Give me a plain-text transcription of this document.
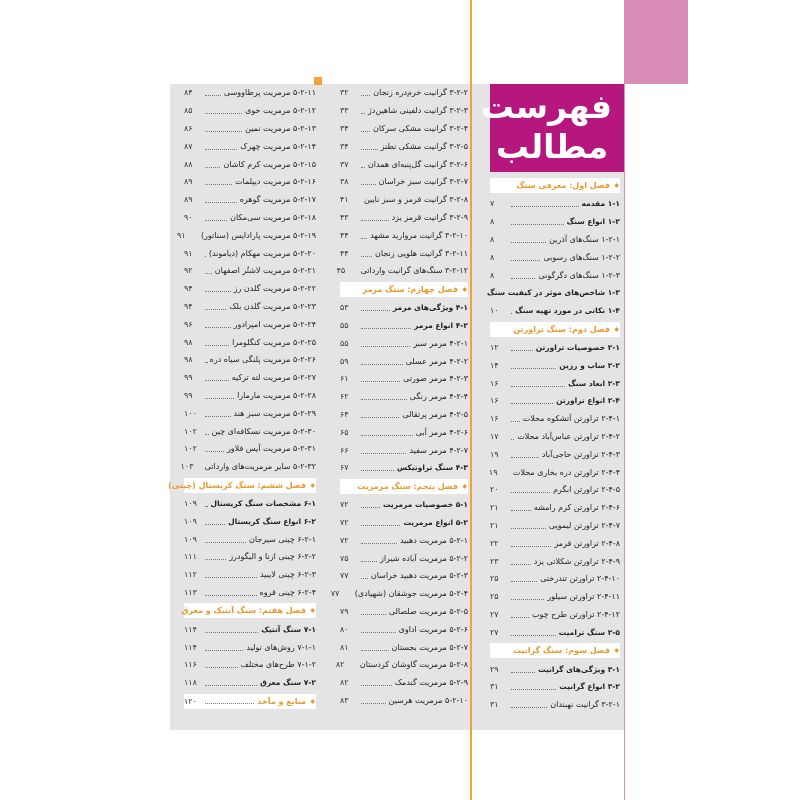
فهرست
مطالب
◆ فصل اول: معرفی سنگ
۱-۱ مقدمه
۷
۱-۲ انواع سنگ
۸
۱-۲-۱ سنگ‌های آذرین
۸
۱-۲-۲ سنگ‌های رسوبی
۸
۱-۲-۳ سنگ‌های دگرگونی
۸
۱-۳ شاخص‌های موثر در کیفیت سنگ
۱-۴ نکاتی در مورد تهیه سنگ
۱۰
◆ فصل دوم: سنگ تراورتن
۲-۱ خصوصیات تراورتن
۱۲
۲-۲ ساب و رزین
۱۴
۲-۳ ابعاد سنگ
۱۶
۲-۴ انواع تراورتن
۱۶
۲-۴-۱ تراورتن آتشکوه محلات
۱۶
۲-۴-۲ تراورتن عباس‌آباد محلات
۱۷
۲-۴-۳ تراورتن حاجی‌آباد
۱۹
۲-۴-۴ تراورتن دره بخاری محلات
۱۹
۲-۴-۵ تراورتن ابگرم
۲۰
۲-۴-۶ تراورتن کرم رامشه
۲۱
۲-۴-۷ تراورتن لیمویی
۲۱
۲-۴-۸ تراورتن قرمز
۲۲
۲-۴-۹ تراورتن شکلاتی یزد
۲۳
۲-۴-۱۰ تراورتن تندرختی
۲۵
۲-۴-۱۱ تراورتن سیلور
۲۵
۲-۴-۱۲ تراورتن طرح چوب
۲۷
۲-۵ سنگ ترامیت
۲۷
◆ فصل سوم: سنگ گرانیت
۳-۱ ویژگی‌های گرانیت
۲۹
۳-۲ انواع گرانیت
۳۱
۳-۲-۱ گرانیت نهبندان
۳۱
۳-۲-۲ گرانیت خرم‌دره زنجان
۳۲
۳-۲-۳ گرانیت دلفینی شاهین‌دژ
۳۳
۳-۲-۴ گرانیت مشکی سرکان
۳۴
۳-۲-۵ گرانیت مشکی نطنز
۳۴
۳-۲-۶ گرانیت گل‌پنبه‌ای همدان
۳۷
۳-۲-۷ گرانیت سبز خراسان
۳۸
۳-۲-۸ گرانیت قرمز و سبز نایین
۴۱
۳-۲-۹ گرانیت قرمز یزد
۴۳
۳-۲-۱۰ گرانیت مروارید مشهد
۴۴
۳-۲-۱۱ گرانیت هلویی زنجان
۴۴
۳-۲-۱۲ سنگ‌های گرانیت وارداتی
۴۵
◆ فصل چهارم: سنگ مرمر
۴-۱ ویژگی‌های مرمر
۵۳
۴-۲ انواع مرمر
۵۵
۴-۲-۱ مرمر سبز
۵۵
۴-۲-۲ مرمر عسلی
۵۹
۴-۲-۳ مرمر صورتی
۶۱
۴-۲-۴ مرمر رنگی
۶۲
۴-۲-۵ مرمر پرتقالی
۶۴
۴-۲-۶ مرمر آبی
۶۵
۴-۲-۷ مرمر سفید
۶۶
۴-۳ سنگ تراونیکس
۶۷
◆ فصل پنجم: سنگ مرمریت
۵-۱ خصوصیات مرمریت
۷۲
۵-۲ انواع مرمریت
۷۲
۵-۲-۱ مرمریت دهبید
۷۲
۵-۲-۲ مرمریت آباده شیراز
۷۵
۵-۲-۳ مرمریت دهبید خراسان
۷۷
۵-۲-۴ مرمریت جوشقان (شهیادی)
۷۷
۵-۲-۵ مرمریت صلصالی
۷۹
۵-۲-۶ مرمریت اداوی
۸۰
۵-۲-۷ مرمریت بجستان
۸۱
۵-۲-۸ مرمریت گاوشان کردستان
۸۲
۵-۲-۹ مرمریت گندمک
۸۲
۵-۲-۱۰ مرمریت هرسین
۸۳
۵-۲-۱۱ مرمریت پرطاووسی
۸۴
۵-۲-۱۲ مرمریت خوی
۸۵
۵-۲-۱۳ مرمریت نمین
۸۶
۵-۲-۱۴ مرمریت چهرک
۸۷
۵-۲-۱۵ مرمریت کرم کاشان
۸۸
۵-۲-۱۶ مرمریت دیپلمات
۸۹
۵-۲-۱۷ مرمریت گوهره
۸۹
۵-۲-۱۸ مرمریت سی‌مکان
۹۰
۵-۲-۱۹ مرمریت پارادایس (سناتور)
۹۱
۵-۲-۲۰ مرمریت مهکام (دیاموند)
۹۱
۵-۲-۲۱ مرمریت لاشتُر اصفهان
۹۲
۵-۲-۲۲ مرمریت گلدن رز
۹۴
۵-۲-۲۳ مرمریت گلدن بلک
۹۴
۵-۲-۲۴ مرمریت امپرادور
۹۶
۵-۲-۲۵ مرمریت کنگلومرا
۹۸
۵-۲-۲۶ مرمریت پلنگی سیاه دره
۹۸
۵-۲-۲۷ مرمریت لته ترکیه
۹۹
۵-۲-۲۸ مرمریت مارمارا
۹۹
۵-۲-۲۹ مرمریت سبز هند
۱۰۰
۵-۲-۳۰ مرمریت نسکافه‌ای چین
۱۰۲
۵-۲-۳۱ مرمریت آیس فلاور
۱۰۲
۵-۲-۳۲ سایر مرمریت‌های وارداتی
۱۰۳
◆ فصل ششم: سنگ کریستال (چینی)
۶-۱ مشخصات سنگ کریستال
۱۰۹
۶-۲ انواع سنگ کریستال
۱۰۹
۶-۲-۱ چینی سیرجان
۱۰۹
۶-۲-۲ چینی ازنا و الیگودرز
۱۱۱
۶-۲-۳ چینی لایبید
۱۱۲
۶-۲-۴ چینی قروه
۱۱۳
◆ فصل هفتم: سنگ آنتیک و معرق
۷-۱ سنگ آنتیک
۱۱۴
۷-۱-۱ روش‌های تولید
۱۱۴
۷-۱-۲ طرح‌های مختلف
۱۱۶
۷-۲ سنگ معرق
۱۱۸
◆ منابع و مآخذ
۱۲۰
